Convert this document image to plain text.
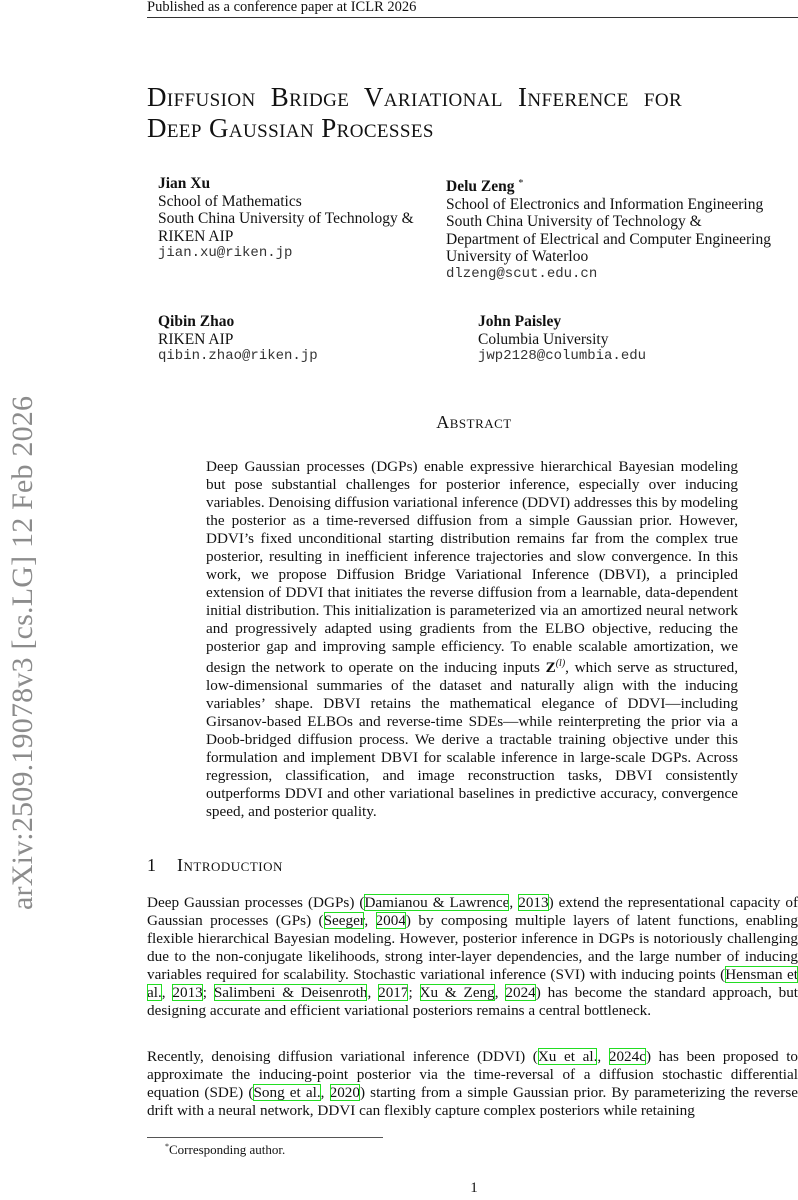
Published as a conference paper at ICLR 2026
arXiv:2509.19078v3 [cs.LG] 12 Feb 2026
Diffusion Bridge Variational Inference for
Deep Gaussian Processes
Jian Xu
School of Mathematics
South China University of Technology &
RIKEN AIP
jian.xu@riken.jp
Delu Zeng *
School of Electronics and Information Engineering
South China University of Technology &
Department of Electrical and Computer Engineering
University of Waterloo
dlzeng@scut.edu.cn
Qibin Zhao
RIKEN AIP
qibin.zhao@riken.jp
John Paisley
Columbia University
jwp2128@columbia.edu
Abstract

Deep Gaussian processes (DGPs) enable expressive hierarchical Bayesian modeling but pose substantial challenges for posterior inference, especially over inducing variables. Denoising diffusion variational inference (DDVI) addresses this by modeling the posterior as a time-reversed diffusion from a simple Gaussian prior. However, DDVI’s fixed unconditional starting distribution remains far from the complex true posterior, resulting in inefficient inference trajectories and slow convergence. In this work, we propose Diffusion Bridge Variational Inference (DBVI), a principled extension of DDVI that initiates the reverse diffusion from a learnable, data-dependent initial distribution. This initialization is parameterized via an amortized neural network and progressively adapted using gradients from the ELBO objective, reducing the posterior gap and improving sample efficiency. To enable scalable amortization, we design the network to operate on the inducing inputs $Z^{(l)}$, which serve as structured, low-dimensional summaries of the dataset and naturally align with the inducing variables’ shape. DBVI retains the mathematical elegance of DDVI—including Girsanov-based ELBOs and reverse-time SDEs—while reinterpreting the prior via a Doob-bridged diffusion process. We derive a tractable training objective under this formulation and implement DBVI for scalable inference in large-scale DGPs. Across regression, classification, and image reconstruction tasks, DBVI consistently outperforms DDVI and other variational baselines in predictive accuracy, convergence speed, and posterior quality.

1 Introduction

Deep Gaussian processes (DGPs) (Damianou & Lawrence, 2013) extend the representational capacity of Gaussian processes (GPs) (Seeger, 2004) by composing multiple layers of latent functions, enabling flexible hierarchical Bayesian modeling. However, posterior inference in DGPs is notoriously challenging due to the non-conjugate likelihoods, strong inter-layer dependencies, and the large number of inducing variables required for scalability. Stochastic variational inference (SVI) with inducing points (Hensman et al., 2013; Salimbeni & Deisenroth, 2017; Xu & Zeng, 2024) has become the standard approach, but designing accurate and efficient variational posteriors remains a central bottleneck.

Recently, denoising diffusion variational inference (DDVI) (Xu et al., 2024c) has been proposed to approximate the inducing-point posterior via the time-reversal of a diffusion stochastic differential equation (SDE) (Song et al., 2020) starting from a simple Gaussian prior. By parameterizing the reverse drift with a neural network, DDVI can flexibly capture complex posteriors while retaining

*Corresponding author.
1
